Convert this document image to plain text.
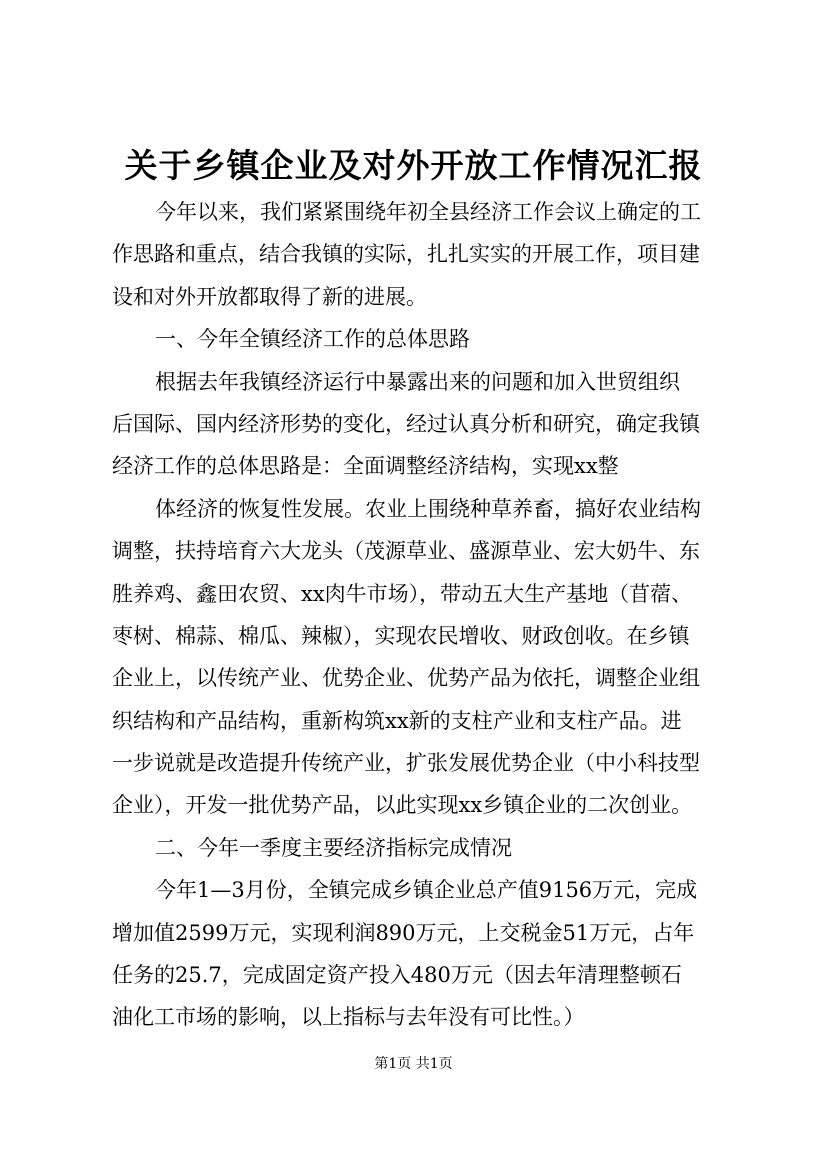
关于乡镇企业及对外开放工作情况汇报
今年以来，我们紧紧围绕年初全县经济工作会议上确定的工
作思路和重点，结合我镇的实际，扎扎实实的开展工作，项目建
设和对外开放都取得了新的进展。
一、今年全镇经济工作的总体思路
根据去年我镇经济运行中暴露出来的问题和加入世贸组织
后国际、国内经济形势的变化，经过认真分析和研究，确定我镇
经济工作的总体思路是：全面调整经济结构，实现xx整
体经济的恢复性发展。农业上围绕种草养畜，搞好农业结构
调整，扶持培育六大龙头（茂源草业、盛源草业、宏大奶牛、东
胜养鸡、鑫田农贸、xx肉牛市场），带动五大生产基地（苜蓿、
枣树、棉蒜、棉瓜、辣椒），实现农民增收、财政创收。在乡镇
企业上，以传统产业、优势企业、优势产品为依托，调整企业组
织结构和产品结构，重新构筑xx新的支柱产业和支柱产品。进
一步说就是改造提升传统产业，扩张发展优势企业（中小科技型
企业），开发一批优势产品，以此实现xx乡镇企业的二次创业。
二、今年一季度主要经济指标完成情况
今年1—3月份，全镇完成乡镇企业总产值9156万元，完成
增加值2599万元，实现利润890万元，上交税金51万元，占年
任务的25.7，完成固定资产投入480万元（因去年清理整顿石
油化工市场的影响，以上指标与去年没有可比性。）
第1页 共1页
